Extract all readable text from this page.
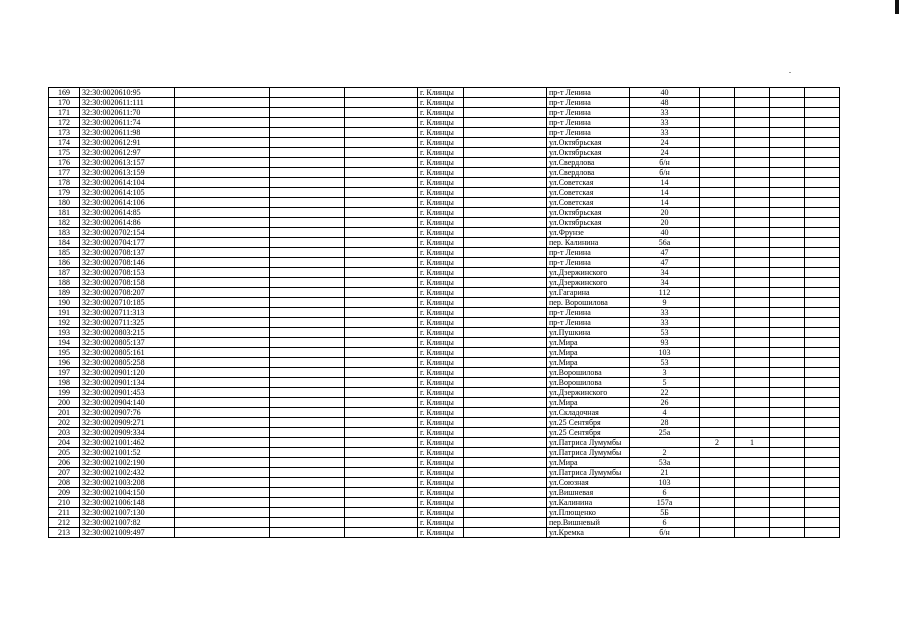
169	32:30:0020610:95				г. Клинцы		пр-т Ленина	40				
170	32:30:0020611:111				г. Клинцы		пр-т Ленина	48				
171	32:30:0020611:70				г. Клинцы		пр-т Ленина	33				
172	32:30:0020611:74				г. Клинцы		пр-т Ленина	33				
173	32:30:0020611:98				г. Клинцы		пр-т Ленина	33				
174	32:30:0020612:91				г. Клинцы		ул.Октябрьская	24				
175	32:30:0020612:97				г. Клинцы		ул.Октябрьская	24				
176	32:30:0020613:157				г. Клинцы		ул.Свердлова	б/н				
177	32:30:0020613:159				г. Клинцы		ул.Свердлова	б/н				
178	32:30:0020614:104				г. Клинцы		ул.Советская	14				
179	32:30:0020614:105				г. Клинцы		ул.Советская	14				
180	32:30:0020614:106				г. Клинцы		ул.Советская	14				
181	32:30:0020614:85				г. Клинцы		ул.Октябрьская	20				
182	32:30:0020614:86				г. Клинцы		ул.Октябрьская	20				
183	32:30:0020702:154				г. Клинцы		ул.Фрунзе	40				
184	32:30:0020704:177				г. Клинцы		пер. Калинина	56а				
185	32:30:0020708:137				г. Клинцы		пр-т Ленина	47				
186	32:30:0020708:146				г. Клинцы		пр-т Ленина	47				
187	32:30:0020708:153				г. Клинцы		ул.Дзержинского	34				
188	32:30:0020708:158				г. Клинцы		ул.Дзержинского	34				
189	32:30:0020708:207				г. Клинцы		ул.Гагарина	112				
190	32:30:0020710:185				г. Клинцы		пер. Ворошилова	9				
191	32:30:0020711:313				г. Клинцы		пр-т Ленина	33				
192	32:30:0020711:325				г. Клинцы		пр-т Ленина	33				
193	32:30:0020803:215				г. Клинцы		ул.Пушкина	53				
194	32:30:0020805:137				г. Клинцы		ул.Мира	93				
195	32:30:0020805:161				г. Клинцы		ул.Мира	103				
196	32:30:0020805:258				г. Клинцы		ул.Мира	53				
197	32:30:0020901:120				г. Клинцы		ул.Ворошилова	3				
198	32:30:0020901:134				г. Клинцы		ул.Ворошилова	5				
199	32:30:0020901:453				г. Клинцы		ул.Дзержинского	22				
200	32:30:0020904:140				г. Клинцы		ул.Мира	26				
201	32:30:0020907:76				г. Клинцы		ул.Складочная	4				
202	32:30:0020909:271				г. Клинцы		ул.25 Сентября	28				
203	32:30:0020909:334				г. Клинцы		ул.25 Сентября	25а				
204	32:30:0021001:462				г. Клинцы		ул.Патриса Лумумбы		2	1		
205	32:30:0021001:52				г. Клинцы		ул.Патриса Лумумбы	2				
206	32:30:0021002:190				г. Клинцы		ул.Мира	53а				
207	32:30:0021002:432				г. Клинцы		ул.Патриса Лумумбы	21				
208	32:30:0021003:208				г. Клинцы		ул.Союзная	103				
209	32:30:0021004:150				г. Клинцы		ул.Вишневая	6				
210	32:30:0021006:148				г. Клинцы		ул.Калинина	157а				
211	32:30:0021007:130				г. Клинцы		ул.Плющенко	5Б				
212	32:30:0021007:82				г. Клинцы		пер.Вишневый	6				
213	32:30:0021009:497				г. Клинцы		ул.Кремка	б/н				
